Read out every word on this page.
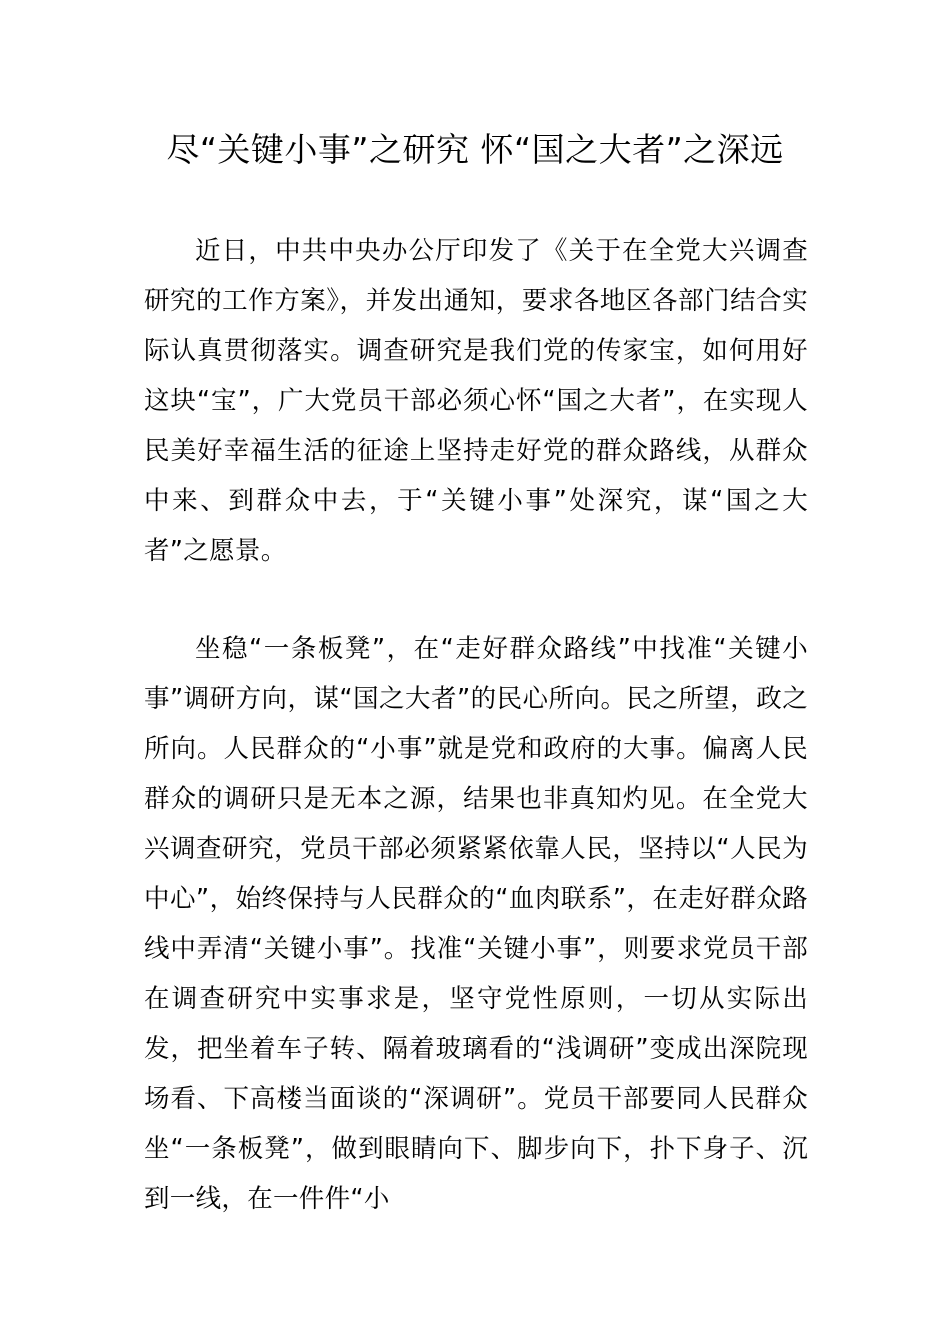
尽“关键小事”之研究 怀“国之大者”之深远

近日，中共中央办公厅印发了《关于在全党大兴调查研究的工作方案》，并发出通知，要求各地区各部门结合实际认真贯彻落实。调查研究是我们党的传家宝，如何用好这块“宝”，广大党员干部必须心怀“国之大者”，在实现人民美好幸福生活的征途上坚持走好党的群众路线，从群众中来、到群众中去，于“关键小事”处深究，谋“国之大者”之愿景。

坐稳“一条板凳”，在“走好群众路线”中找准“关键小事”调研方向，谋“国之大者”的民心所向。民之所望，政之所向。人民群众的“小事”就是党和政府的大事。偏离人民群众的调研只是无本之源，结果也非真知灼见。在全党大兴调查研究，党员干部必须紧紧依靠人民，坚持以“人民为中心”，始终保持与人民群众的“血肉联系”，在走好群众路线中弄清“关键小事”。找准“关键小事”，则要求党员干部在调查研究中实事求是，坚守党性原则，一切从实际出发，把坐着车子转、隔着玻璃看的“浅调研”变成出深院现场看、下高楼当面谈的“深调研”。党员干部要同人民群众坐“一条板凳”，做到眼睛向下、脚步向下，扑下身子、沉到一线，在一件件“小
